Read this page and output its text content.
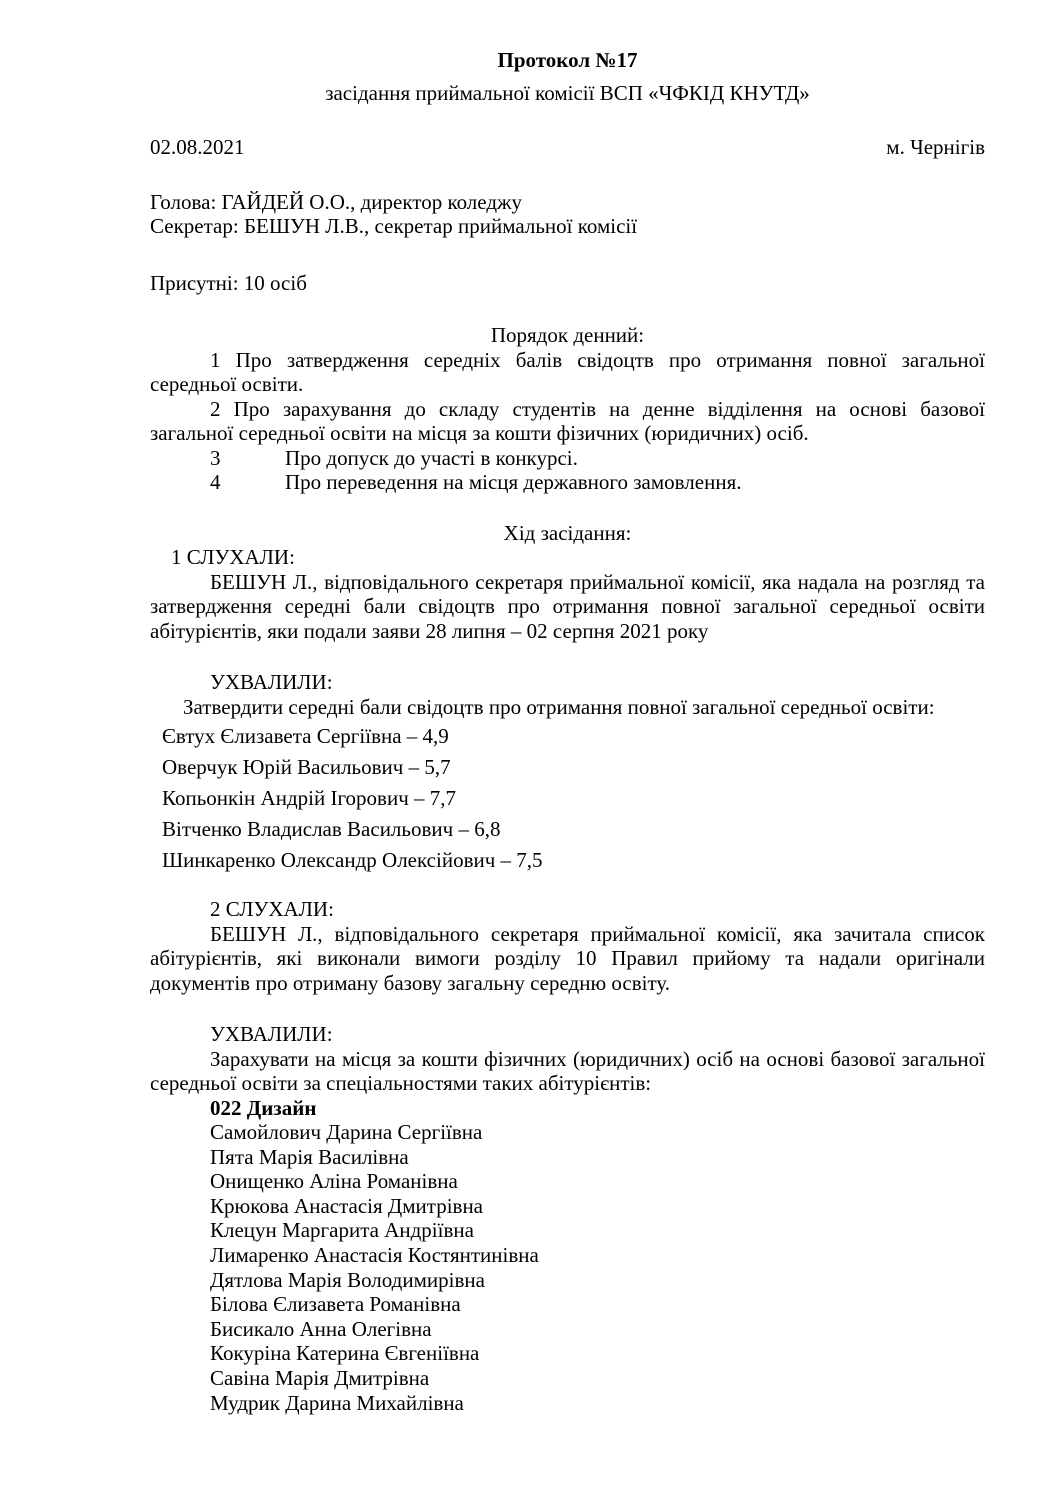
Протокол №17

засідання приймальної комісії ВСП «ЧФКІД КНУТД»

02.08.2021	м. Чернігів

Голова: ГАЙДЕЙ О.О., директор коледжу

Секретар: БЕШУН Л.В., секретар приймальної комісії

Присутні: 10 осіб

Порядок денний:

1 Про затвердження середніх балів свідоцтв про отримання повної загальної середньої освіти.

2 Про зарахування до складу студентів на денне відділення на основі базової загальної середньої освіти на місця за кошти фізичних (юридичних) осіб.

3	Про допуск до участі в конкурсі.

4	Про переведення на місця державного замовлення.

Хід засідання:

1 СЛУХАЛИ:

БЕШУН Л., відповідального секретаря приймальної комісії, яка надала на розгляд та затвердження середні бали свідоцтв про отримання повної загальної середньої освіти абітурієнтів, яки подали заяви 28 липня – 02 серпня 2021 року

УХВАЛИЛИ:

Затвердити середні бали свідоцтв про отримання повної загальної середньої освіти:

Євтух Єлизавета Сергіївна – 4,9
Оверчук Юрій Васильович – 5,7
Копьонкін Андрій Ігорович – 7,7
Вітченко Владислав Васильович – 6,8
Шинкаренко Олександр Олексійович – 7,5

2 СЛУХАЛИ:

БЕШУН Л., відповідального секретаря приймальної комісії, яка зачитала список абітурієнтів, які виконали вимоги розділу 10 Правил прийому та надали оригінали документів про отриману базову загальну середню освіту.

УХВАЛИЛИ:

Зарахувати на місця за кошти фізичних (юридичних) осіб на основі базової загальної середньої освіти за спеціальностями таких абітурієнтів:

022 Дизайн

Самойлович Дарина Сергіївна
Пята Марія Василівна
Онищенко Аліна Романівна
Крюкова Анастасія Дмитрівна
Клецун Маргарита Андріївна
Лимаренко Анастасія Костянтинівна
Дятлова Марія Володимирівна
Білова Єлизавета Романівна
Бисикало Анна Олегівна
Кокуріна Катерина Євгеніївна
Савіна Марія Дмитрівна
Мудрик Дарина Михайлівна
